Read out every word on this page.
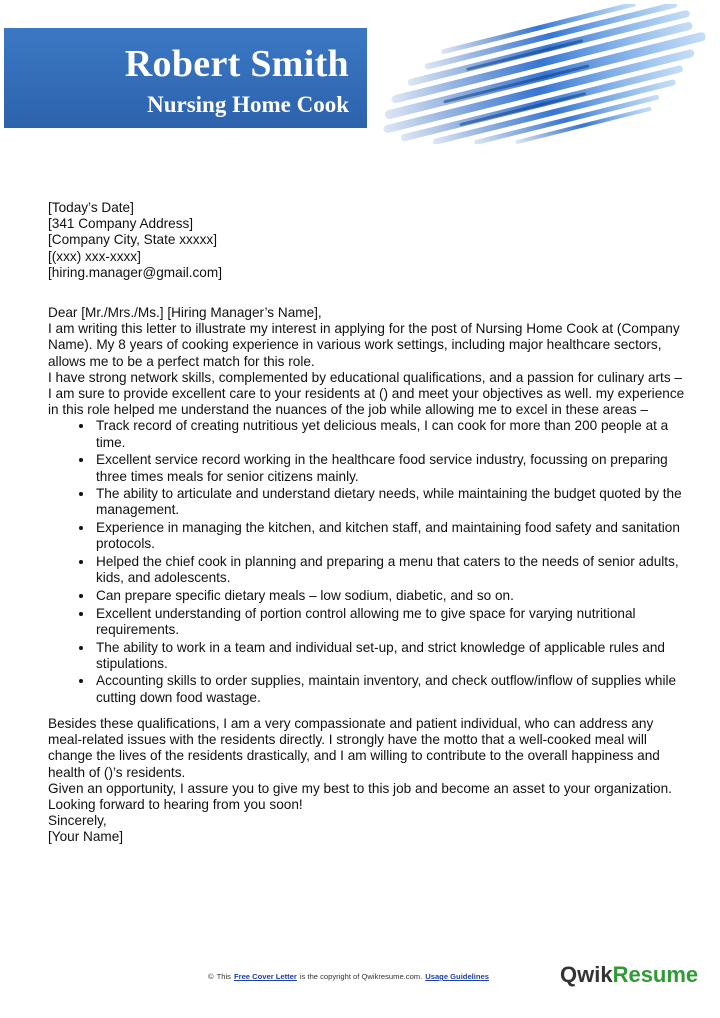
Robert Smith
Nursing Home Cook

[Today’s Date]

[341 Company Address]
[Company City, State xxxxx]
[(xxx) xxx-xxxx]
[hiring.manager@gmail.com]

Dear [Mr./Mrs./Ms.] [Hiring Manager’s Name],

I am writing this letter to illustrate my interest in applying for the post of Nursing Home Cook at (Company Name). My 8 years of cooking experience in various work settings, including major healthcare sectors, allows me to be a perfect match for this role.

I have strong network skills, complemented by educational qualifications, and a passion for culinary arts – I am sure to provide excellent care to your residents at () and meet your objectives as well. my experience in this role helped me understand the nuances of the job while allowing me to excel in these areas –

• Track record of creating nutritious yet delicious meals, I can cook for more than 200 people at a time.
• Excellent service record working in the healthcare food service industry, focussing on preparing three times meals for senior citizens mainly.
• The ability to articulate and understand dietary needs, while maintaining the budget quoted by the management.
• Experience in managing the kitchen, and kitchen staff, and maintaining food safety and sanitation protocols.
• Helped the chief cook in planning and preparing a menu that caters to the needs of senior adults, kids, and adolescents.
• Can prepare specific dietary meals – low sodium, diabetic, and so on.
• Excellent understanding of portion control allowing me to give space for varying nutritional requirements.
• The ability to work in a team and individual set-up, and strict knowledge of applicable rules and stipulations.
• Accounting skills to order supplies, maintain inventory, and check outflow/inflow of supplies while cutting down food wastage.

Besides these qualifications, I am a very compassionate and patient individual, who can address any meal-related issues with the residents directly. I strongly have the motto that a well-cooked meal will change the lives of the residents drastically, and I am willing to contribute to the overall happiness and health of ()’s residents.

Given an opportunity, I assure you to give my best to this job and become an asset to your organization.

Looking forward to hearing from you soon!

Sincerely,
[Your Name]
© This Free Cover Letter is the copyright of Qwikresume.com. Usage Guidelines	QwikResume
